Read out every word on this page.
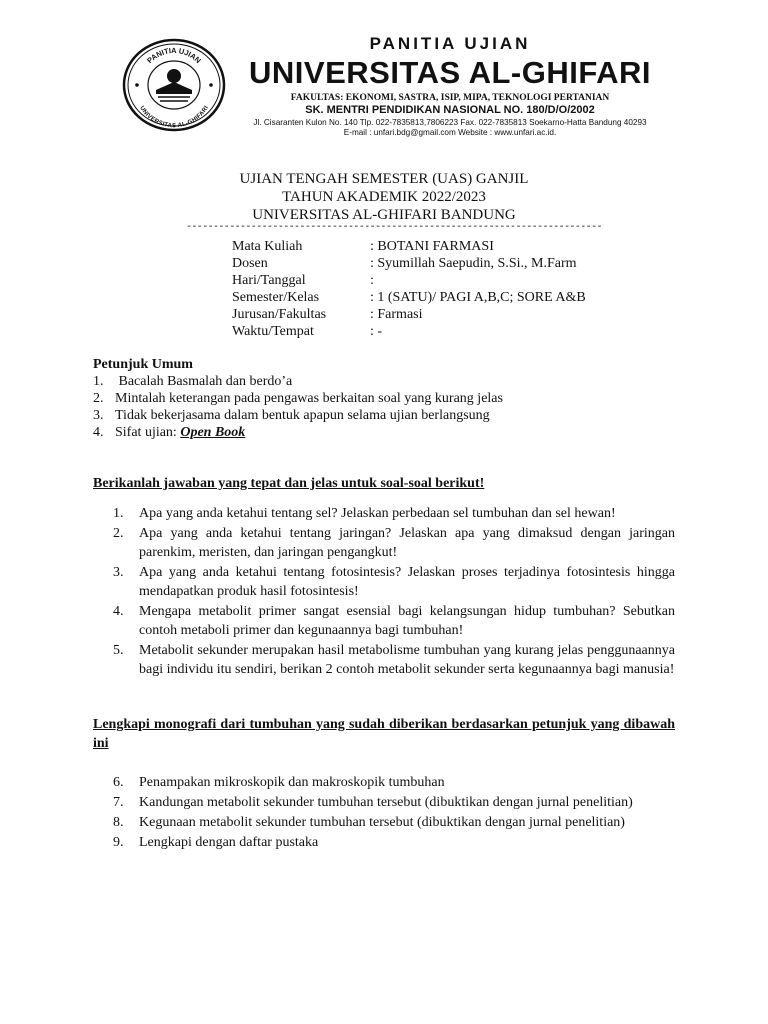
PANITIA UJIAN
UNIVERSITAS AL-GHIFARI
PANITIA UJIAN
UNIVERSITAS AL-GHIFARI
FAKULTAS: EKONOMI, SASTRA, ISIP, MIPA, TEKNOLOGI PERTANIAN
SK. MENTRI PENDIDIKAN NASIONAL NO. 180/D/O/2002
Jl. Cisaranten Kulon No. 140 Tlp. 022-7835813,7806223 Fax. 022-7835813 Soekarno-Hatta Bandung 40293
E-mail : unfari.bdg@gmail.com Website : www.unfari.ac.id.
UJIAN TENGAH SEMESTER (UAS) GANJIL
TAHUN AKADEMIK 2022/2023
UNIVERSITAS AL-GHIFARI BANDUNG
-----------------------------------------------------------------------------
Mata Kuliah	: BOTANI FARMASI
Dosen	: Syumillah Saepudin, S.Si., M.Farm
Hari/Tanggal	:
Semester/Kelas	: 1 (SATU)/ PAGI A,B,C; SORE A&B
Jurusan/Fakultas	: Farmasi
Waktu/Tempat	: -
Petunjuk Umum
1. Bacalah Basmalah dan berdo’a
2. Mintalah keterangan pada pengawas berkaitan soal yang kurang jelas
3. Tidak bekerjasama dalam bentuk apapun selama ujian berlangsung
4. Sifat ujian: Open Book
Berikanlah jawaban yang tepat dan jelas untuk soal-soal berikut!
1.	Apa yang anda ketahui tentang sel? Jelaskan perbedaan sel tumbuhan dan sel hewan!
2.	Apa yang anda ketahui tentang jaringan? Jelaskan apa yang dimaksud dengan jaringan parenkim, meristen, dan jaringan pengangkut!
3.	Apa yang anda ketahui tentang fotosintesis? Jelaskan proses terjadinya fotosintesis hingga mendapatkan produk hasil fotosintesis!
4.	Mengapa metabolit primer sangat esensial bagi kelangsungan hidup tumbuhan? Sebutkan contoh metaboli primer dan kegunaannya bagi tumbuhan!
5.	Metabolit sekunder merupakan hasil metabolisme tumbuhan yang kurang jelas penggunaannya bagi individu itu sendiri, berikan 2 contoh metabolit sekunder serta kegunaannya bagi manusia!
Lengkapi monografi dari tumbuhan yang sudah diberikan berdasarkan petunjuk yang dibawah ini
6.	Penampakan mikroskopik dan makroskopik tumbuhan
7.	Kandungan metabolit sekunder tumbuhan tersebut (dibuktikan dengan jurnal penelitian)
8.	Kegunaan metabolit sekunder tumbuhan tersebut (dibuktikan dengan jurnal penelitian)
9.	Lengkapi dengan daftar pustaka
